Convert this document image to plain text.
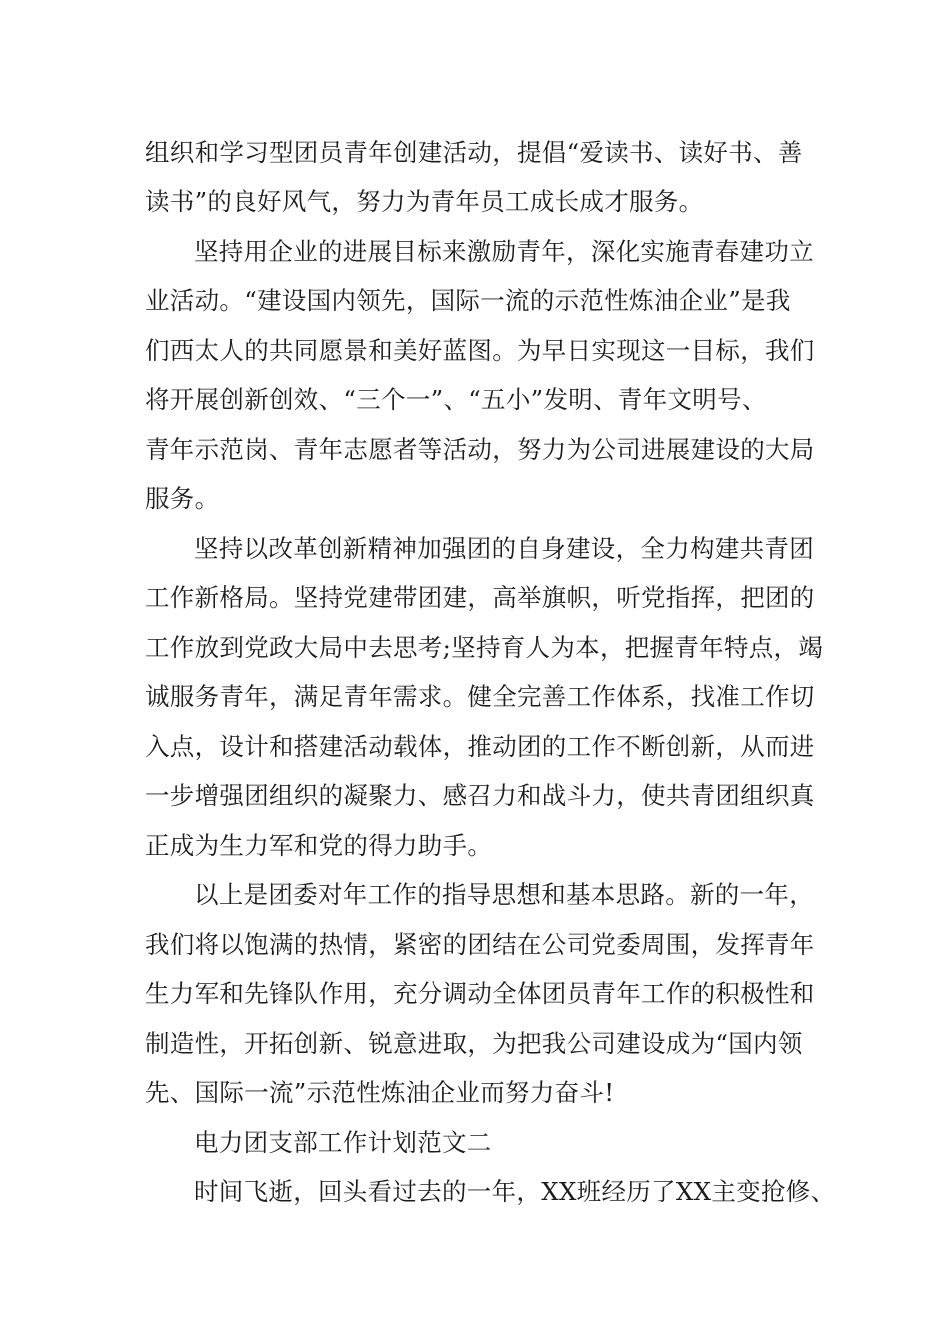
组织和学习型团员青年创建活动，提倡“爱读书、读好书、善
读书”的良好风气，努力为青年员工成长成才服务。
坚持用企业的进展目标来激励青年，深化实施青春建功立
业活动。“建设国内领先，国际一流的示范性炼油企业”是我
们西太人的共同愿景和美好蓝图。为早日实现这一目标，我们
将开展创新创效、“三个一”、“五小”发明、青年文明号、
青年示范岗、青年志愿者等活动，努力为公司进展建设的大局
服务。
坚持以改革创新精神加强团的自身建设，全力构建共青团
工作新格局。坚持党建带团建，高举旗帜，听党指挥，把团的
工作放到党政大局中去思考;坚持育人为本，把握青年特点，竭
诚服务青年，满足青年需求。健全完善工作体系，找准工作切
入点，设计和搭建活动载体，推动团的工作不断创新，从而进
一步增强团组织的凝聚力、感召力和战斗力，使共青团组织真
正成为生力军和党的得力助手。
以上是团委对年工作的指导思想和基本思路。新的一年，
我们将以饱满的热情，紧密的团结在公司党委周围，发挥青年
生力军和先锋队作用，充分调动全体团员青年工作的积极性和
制造性，开拓创新、锐意进取，为把我公司建设成为“国内领
先、国际一流”示范性炼油企业而努力奋斗!
电力团支部工作计划范文二
时间飞逝，回头看过去的一年，XX班经历了XX主变抢修、
